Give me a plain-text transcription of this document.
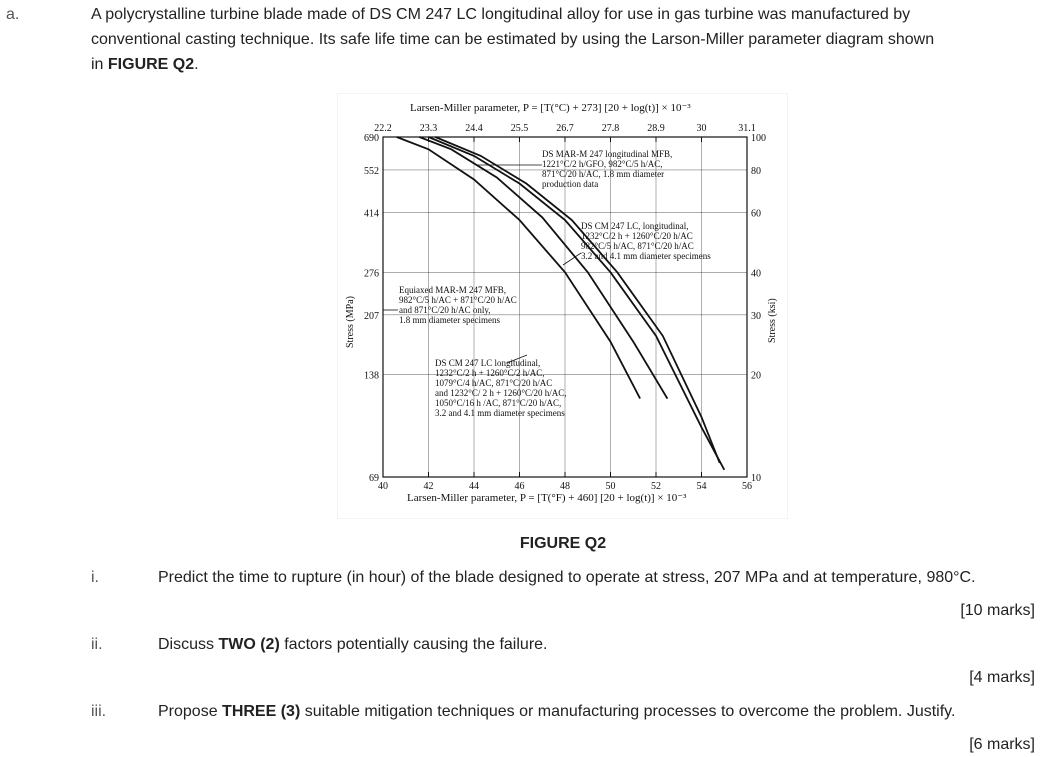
a.	A polycrystalline turbine blade made of DS CM 247 LC longitudinal alloy for use in gas turbine was manufactured by
conventional casting technique. Its safe life time can be estimated by using the Larson-Miller parameter diagram shown
in FIGURE Q2.
40	42	44	46	48	50	52	54	56
22.2	23.3	24.4	25.5	26.7	27.8	28.9	30	31.1
100
690
80
552
60
414
40
276
30
207
20
138
10
69
Equiaxed MAR-M 247 MFB,
982°C/5 h/AC + 871°C/20 h/AC
and 871°C/20 h/AC only,
1.8 mm diameter specimens
DS MAR-M 247 longitudinal MFB,
1221°C/2 h/GFO, 982°C/5 h/AC,
871°C/20 h/AC, 1.8 mm diameter
production data
DS CM 247 LC, longitudinal,
1232°C/2 h + 1260°C/20 h/AC
982°C/5 h/AC, 871°C/20 h/AC
3.2 and 4.1 mm diameter specimens
DS CM 247 LC longitudinal,
1232°C/2 h + 1260°C/2 h/AC,
1079°C/4 h/AC, 871°C/20 h/AC
and 1232°C/ 2 h + 1260°C/20 h/AC,
1050°C/16 h /AC, 871°C/20 h/AC,
3.2 and 4.1 mm diameter specimens
Larsen-Miller parameter, P = [T(°C) + 273] [20 + log(t)] × 10⁻³
Larsen-Miller parameter, P = [T(°F) + 460] [20 + log(t)] × 10⁻³
Stress (MPa)	Stress (ksi)
FIGURE Q2
i.	Predict the time to rupture (in hour) of the blade designed to operate at stress, 207 MPa and at temperature, 980°C.
[10 marks]
ii.	Discuss TWO (2) factors potentially causing the failure.
[4 marks]
iii.	Propose THREE (3) suitable mitigation techniques or manufacturing processes to overcome the problem. Justify.
[6 marks]
